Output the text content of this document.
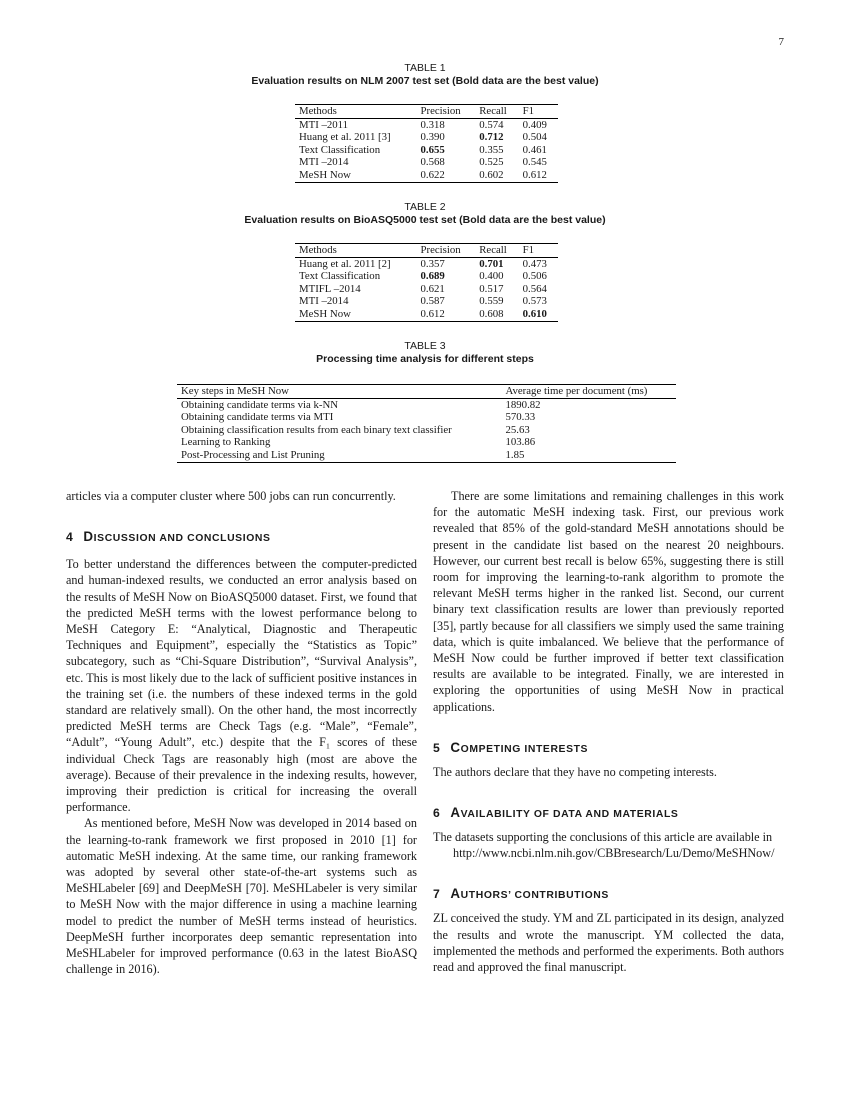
7
TABLE 1
Evaluation results on NLM 2007 test set (Bold data are the best value)
Methods	Precision	Recall	F1
MTI –2011	0.318	0.574	0.409
Huang et al. 2011 [3]	0.390	0.712	0.504
Text Classification	0.655	0.355	0.461
MTI –2014	0.568	0.525	0.545
MeSH Now	0.622	0.602	0.612
TABLE 2
Evaluation results on BioASQ5000 test set (Bold data are the best value)
Methods	Precision	Recall	F1
Huang et al. 2011 [2]	0.357	0.701	0.473
Text Classification	0.689	0.400	0.506
MTIFL –2014	0.621	0.517	0.564
MTI –2014	0.587	0.559	0.573
MeSH Now	0.612	0.608	0.610
TABLE 3
Processing time analysis for different steps
Key steps in MeSH Now	Average time per document (ms)
Obtaining candidate terms via k-NN	1890.82
Obtaining candidate terms via MTI	570.33
Obtaining classification results from each binary text classifier	25.63
Learning to Ranking	103.86
Post-Processing and List Pruning	1.85

articles via a computer cluster where 500 jobs can run concurrently.

4 DISCUSSION AND CONCLUSIONS

To better understand the differences between the computer-predicted and human-indexed results, we conducted an error analysis based on the results of MeSH Now on BioASQ5000 dataset. First, we found that the predicted MeSH terms with the lowest performance belong to MeSH Category E: “Analytical, Diagnostic and Therapeutic Techniques and Equipment”, especially the “Statistics as Topic” subcategory, such as “Chi-Square Distribution”, “Survival Analysis”, etc. This is most likely due to the lack of sufficient positive instances in the training set (i.e. the numbers of these indexed terms in the gold standard are relatively small). On the other hand, the most incorrectly predicted MeSH terms are Check Tags (e.g. “Male”, “Female”, “Adult”, “Young Adult”, etc.) despite that the F₁ scores of these individual Check Tags are reasonably high (most are above the average). Because of their prevalence in the indexing results, however, improving their prediction is critical for increasing the overall performance.

As mentioned before, MeSH Now was developed in 2014 based on the learning-to-rank framework we first proposed in 2010 [1] for automatic MeSH indexing. At the same time, our ranking framework was adopted by several other state-of-the-art systems such as MeSHLabeler [69] and DeepMeSH [70]. MeSHLabeler is very similar to MeSH Now with the major difference in using a machine learning model to predict the number of MeSH terms instead of heuristics. DeepMeSH further incorporates deep semantic representation into MeSHLabeler for improved performance (0.63 in the latest BioASQ challenge in 2016).

There are some limitations and remaining challenges in this work for the automatic MeSH indexing task. First, our previous work revealed that 85% of the gold-standard MeSH annotations should be present in the candidate list based on the nearest 20 neighbours. However, our current best recall is below 65%, suggesting there is still room for improving the learning-to-rank algorithm to promote the relevant MeSH terms higher in the ranked list. Second, our current binary text classification results are lower than previously reported [35], partly because for all classifiers we simply used the same training data, which is quite imbalanced. We believe that the performance of MeSH Now could be further improved if better text classification results are available to be integrated. Finally, we are interested in exploring the opportunities of using MeSH Now in practical applications.

5 COMPETING INTERESTS

The authors declare that they have no competing interests.

6 AVAILABILITY OF DATA AND MATERIALS

The datasets supporting the conclusions of this article are available in

http://www.ncbi.nlm.nih.gov/CBBresearch/Lu/Demo/MeSHNow/
7 AUTHORS’ CONTRIBUTIONS

ZL conceived the study. YM and ZL participated in its design, analyzed the results and wrote the manuscript. YM collected the data, implemented the methods and performed the experiments. Both authors read and approved the final manuscript.
